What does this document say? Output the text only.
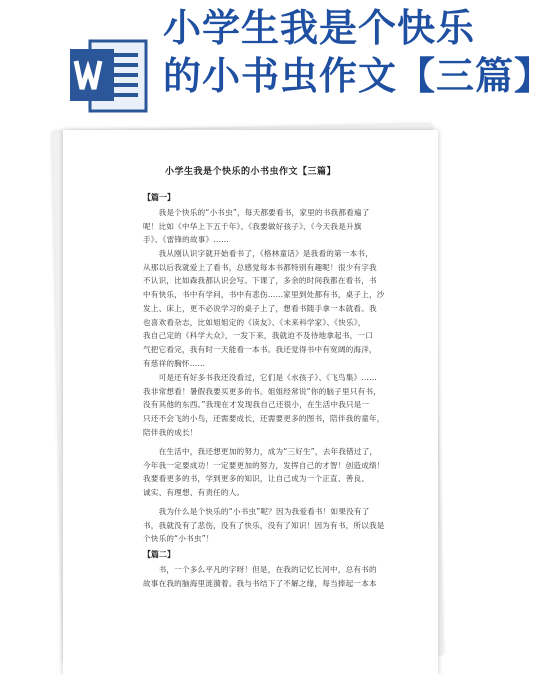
小学生我是个快乐
的小书虫作文【三篇】
小学生我是个快乐的小书虫作文【三篇】
【篇一】
　　我是个快乐的“小书虫”，每天都要看书，家里的书我都看遍了
呢！比如《中华上下五千年》、《我要做好孩子》、《今天我是升旗
手》、《雷锋的故事》……
　　我从刚认识字就开始看书了，《格林童话》是我看的第一本书，
从那以后我就爱上了看书，总感觉每本书都特别有趣呢！很少有字我
不认识，比如森我都认识会写。下课了，多余的时间我都在看书，书
中有快乐，书中有学问，书中有悲伤……家里到处都有书，桌子上，沙
发上、床上，更不必说学习的桌子上了，想看书随手拿一本就看。我
也喜欢看杂志，比如姐姐定的《读友》、《未来科学家》、《快乐》，
我自己定的《科学大众》，一发下来，我就迫不及待地拿起书，一口
气把它看完，我有时一天能看一本书。我还觉得书中有宽阔的海洋，
有慈祥的胸怀……
　　可是还有好多书我还没看过，它们是《水孩子》、《飞鸟集》……
我非常想看！暑假我要买更多的书。姐姐经常说“你的脑子里只有书，
没有其他的东西。”我现在才发现我自己还很小，在生活中我只是一
只还不会飞的小鸟，还需要成长，还需要更多的图书，陪伴我的童年，
陪伴我的成长！
　　在生活中，我还想更加的努力，成为“三好生”，去年我错过了，
今年我一定要成功！一定要更加的努力，发挥自己的才智！创造成绩！
我要看更多的书，学到更多的知识，让自己成为一个正直、善良、
诚实、有理想、有责任的人。
　　我为什么是个快乐的“小书虫”呢？因为我爱看书！如果没有了
书，我就没有了悲伤，没有了快乐，没有了知识！因为有书，所以我是
个快乐的“小书虫”！
【篇二】
　　书，一个多么平凡的字呀！但是，在我的记忆长河中，总有书的
故事在我的脑海里涟漪着。我与书结下了不解之缘，每当捧起一本本
